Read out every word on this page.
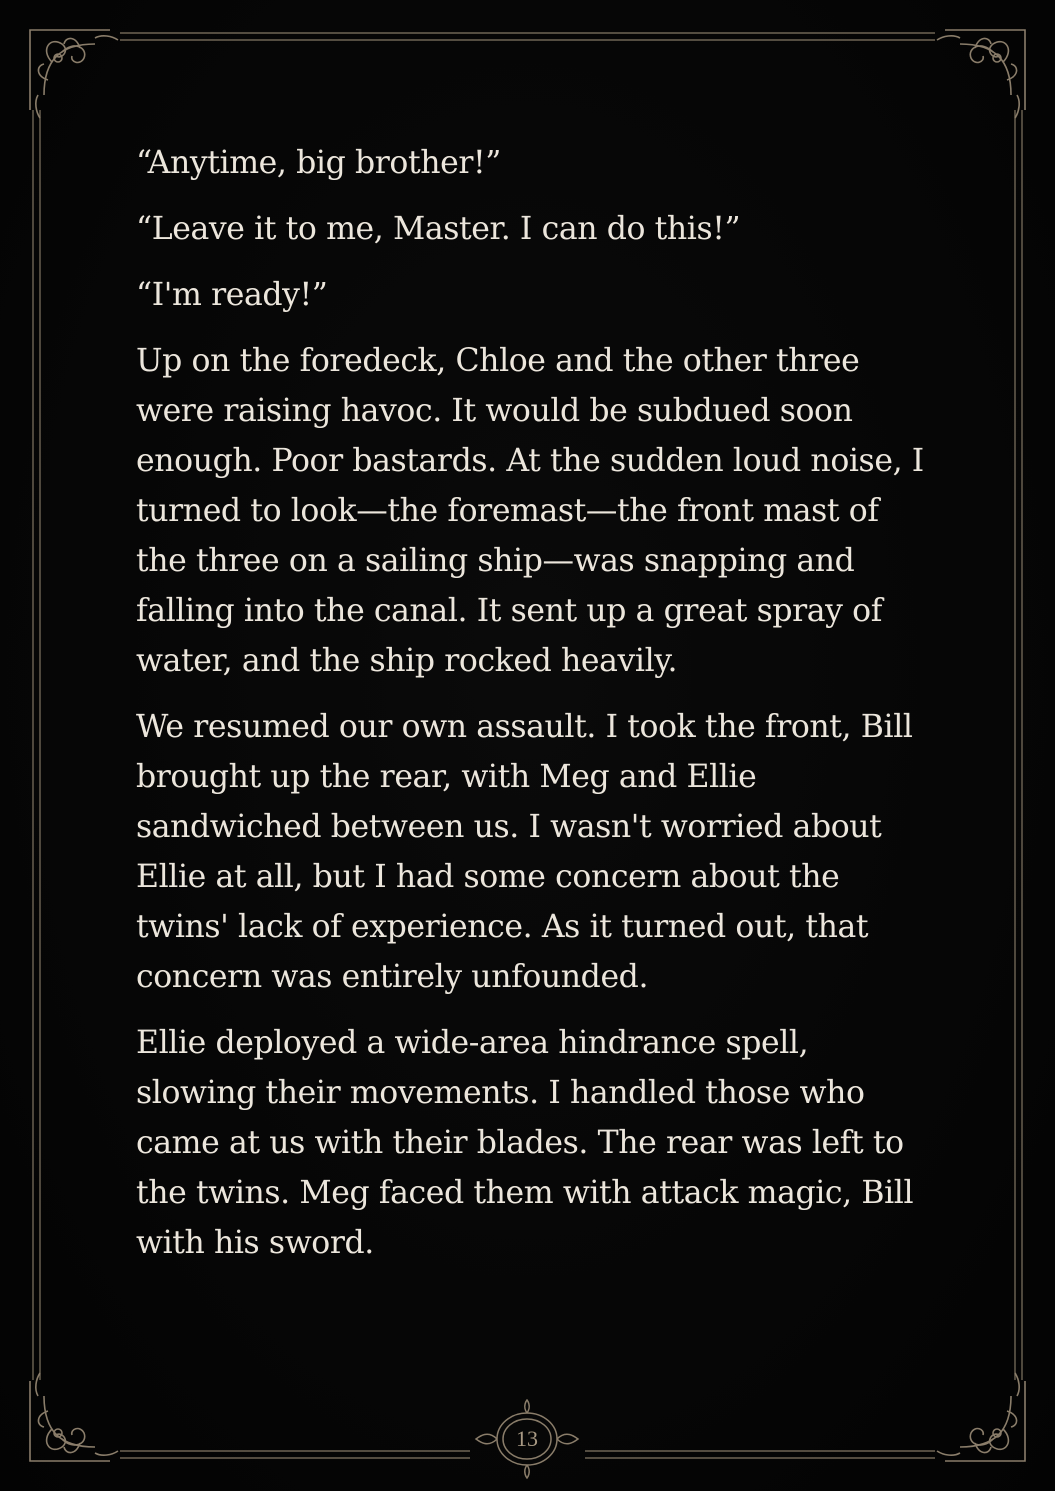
“Anytime, big brother!”

“Leave it to me, Master. I can do this!”

“I'm ready!”

Up on the foredeck, Chloe and the other three were raising havoc. It would be subdued soon enough. Poor bastards. At the sudden loud noise, I turned to look—the foremast—the front mast of the three on a sailing ship—was snapping and falling into the canal. It sent up a great spray of water, and the ship rocked heavily.

We resumed our own assault. I took the front, Bill brought up the rear, with Meg and Ellie sandwiched between us. I wasn't worried about Ellie at all, but I had some concern about the twins' lack of experience. As it turned out, that concern was entirely unfounded.

Ellie deployed a wide-area hindrance spell, slowing their movements. I handled those who came at us with their blades. The rear was left to the twins. Meg faced them with attack magic, Bill with his sword.

13
